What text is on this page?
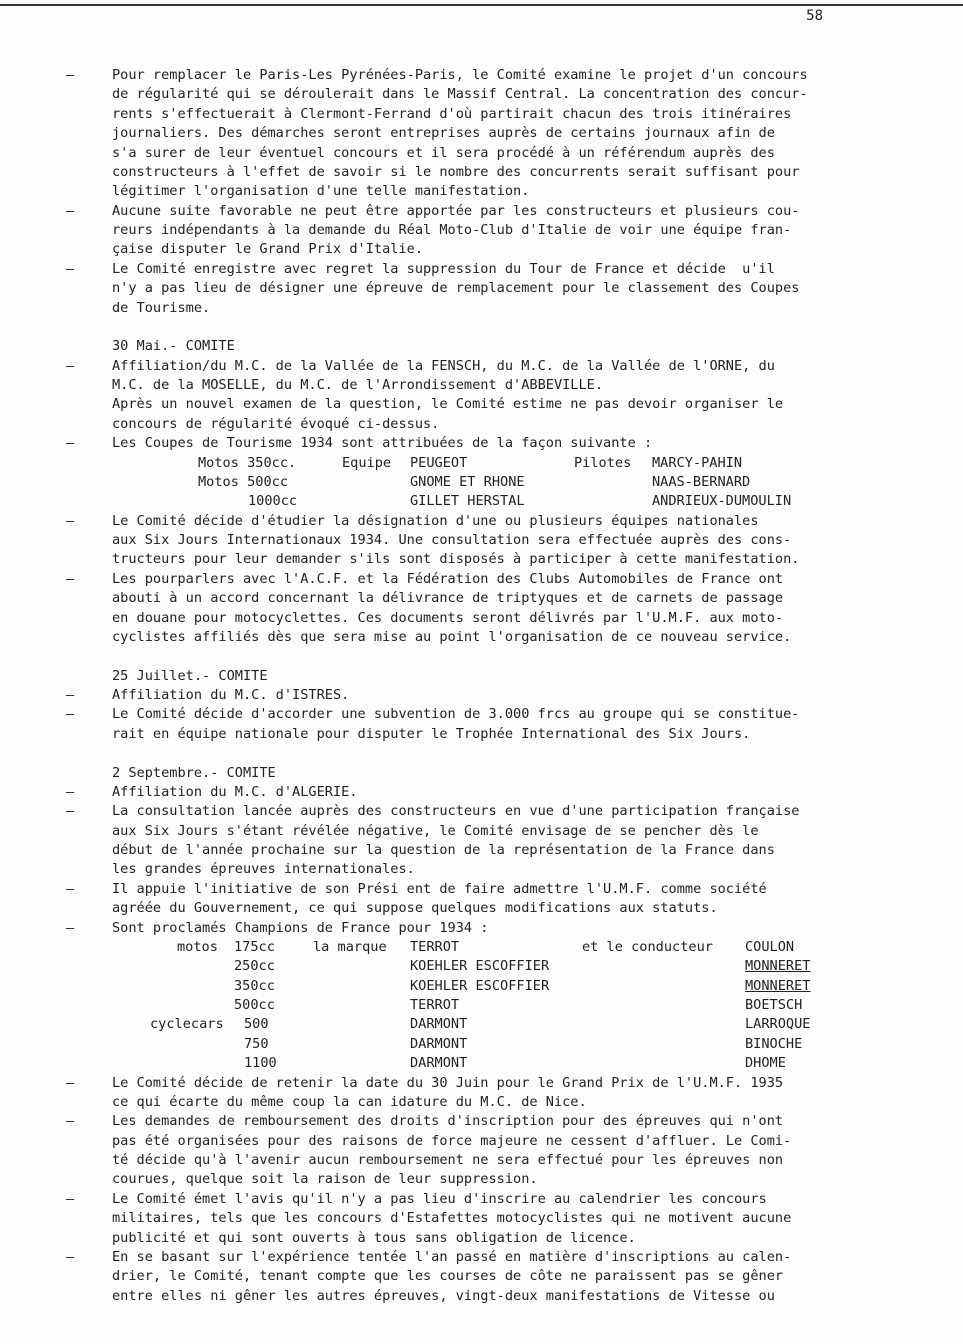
58
—	Pour remplacer le Paris-Les Pyrénées-Paris, le Comité examine le projet d'un concours
de régularité qui se déroulerait dans le Massif Central. La concentration des concur-
rents s'effectuerait à Clermont-Ferrand d'où partirait chacun des trois itinéraires
journaliers. Des démarches seront entreprises auprès de certains journaux afin de
s'a surer de leur éventuel concours et il sera procédé à un référendum auprès des
constructeurs à l'effet de savoir si le nombre des concurrents serait suffisant pour
légitimer l'organisation d'une telle manifestation.
—	Aucune suite favorable ne peut être apportée par les constructeurs et plusieurs cou-
reurs indépendants à la demande du Réal Moto-Club d'Italie de voir une équipe fran-
çaise disputer le Grand Prix d'Italie.
—	Le Comité enregistre avec regret la suppression du Tour de France et décide  u'il
n'y a pas lieu de désigner une épreuve de remplacement pour le classement des Coupes
de Tourisme.
30 Mai.- COMITE
—	Affiliation/du M.C. de la Vallée de la FENSCH, du M.C. de la Vallée de l'ORNE, du
M.C. de la MOSELLE, du M.C. de l'Arrondissement d'ABBEVILLE.
Après un nouvel examen de la question, le Comité estime ne pas devoir organiser le
concours de régularité évoqué ci-dessus.
—	Les Coupes de Tourisme 1934 sont attribuées de la façon suivante :
Motos 350cc.	Equipe PEUGEOT	Pilotes MARCY-PAHIN
Motos 500cc	GNOME ET RHONE	NAAS-BERNARD
1000cc	GILLET HERSTAL	ANDRIEUX-DUMOULIN
—	Le Comité décide d'étudier la désignation d'une ou plusieurs équipes nationales
aux Six Jours Internationaux 1934. Une consultation sera effectuée auprès des cons-
tructeurs pour leur demander s'ils sont disposés à participer à cette manifestation.
—	Les pourparlers avec l'A.C.F. et la Fédération des Clubs Automobiles de France ont
abouti à un accord concernant la délivrance de triptyques et de carnets de passage
en douane pour motocyclettes. Ces documents seront délivrés par l'U.M.F. aux moto-
cyclistes affiliés dès que sera mise au point l'organisation de ce nouveau service.
25 Juillet.- COMITE
—	Affiliation du M.C. d'ISTRES.
—	Le Comité décide d'accorder une subvention de 3.000 frcs au groupe qui se constitue-
rait en équipe nationale pour disputer le Trophée International des Six Jours.
2 Septembre.- COMITE
—	Affiliation du M.C. d'ALGERIE.
—	La consultation lancée auprès des constructeurs en vue d'une participation française
aux Six Jours s'étant révélée négative, le Comité envisage de se pencher dès le
début de l'année prochaine sur la question de la représentation de la France dans
les grandes épreuves internationales.
—	Il appuie l'initiative de son Prési ent de faire admettre l'U.M.F. comme société
agréée du Gouvernement, ce qui suppose quelques modifications aux statuts.
—	Sont proclamés Champions de France pour 1934 :
motos 175cc	la marque TERROT	et le conducteur COULON
250cc	KOEHLER ESCOFFIER	MONNERET
350cc	KOEHLER ESCOFFIER	MONNERET
500cc	TERROT	BOETSCH
cyclecars 500	DARMONT	LARROQUE
750	DARMONT	BINOCHE
1100	DARMONT	DHOME
—	Le Comité décide de retenir la date du 30 Juin pour le Grand Prix de l'U.M.F. 1935
ce qui écarte du même coup la can idature du M.C. de Nice.
—	Les demandes de remboursement des droits d'inscription pour des épreuves qui n'ont
pas été organisées pour des raisons de force majeure ne cessent d'affluer. Le Comi-
té décide qu'à l'avenir aucun remboursement ne sera effectué pour les épreuves non
courues, quelque soit la raison de leur suppression.
—	Le Comité émet l'avis qu'il n'y a pas lieu d'inscrire au calendrier les concours
militaires, tels que les concours d'Estafettes motocyclistes qui ne motivent aucune
publicité et qui sont ouverts à tous sans obligation de licence.
—	En se basant sur l'expérience tentée l'an passé en matière d'inscriptions au calen-
drier, le Comité, tenant compte que les courses de côte ne paraissent pas se gêner
entre elles ni gêner les autres épreuves, vingt-deux manifestations de Vitesse ou
